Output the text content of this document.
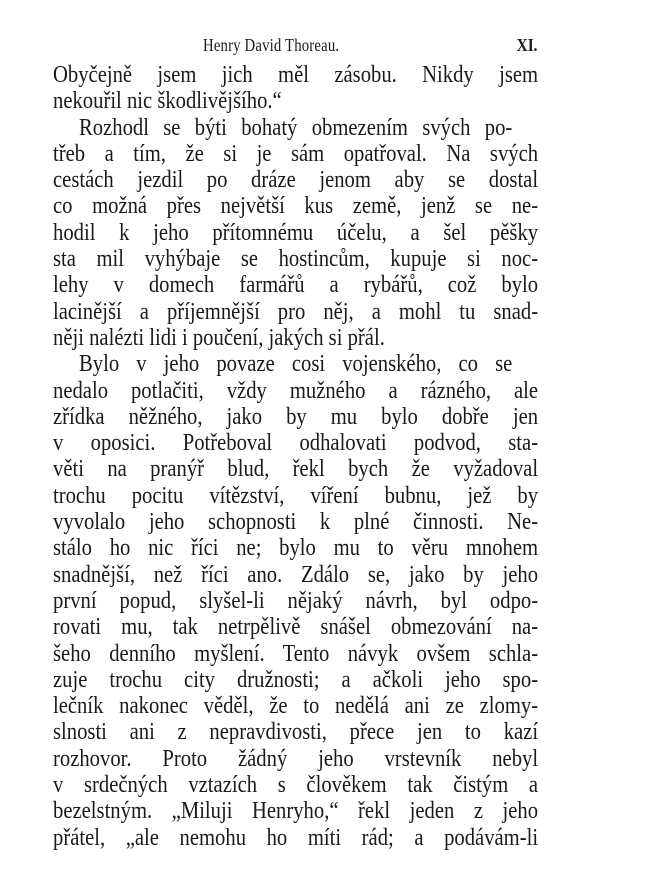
Henry David Thoreau.	XI.
Obyčejně jsem jich měl zásobu. Nikdy jsem
nekouřil nic škodlivějšího.“
Rozhodl se býti bohatý obmezením svých po-
třeb a tím, že si je sám opatřoval. Na svých
cestách jezdil po dráze jenom aby se dostal
co možná přes největší kus země, jenž se ne-
hodil k jeho přítomnému účelu, a šel pěšky
sta mil vyhýbaje se hostincům, kupuje si noc-
lehy v domech farmářů a rybářů, což bylo
lacinější a příjemnější pro něj, a mohl tu snad-
něji nalézti lidi i poučení, jakých si přál.
Bylo v jeho povaze cosi vojenského, co se
nedalo potlačiti, vždy mužného a rázného, ale
zřídka něžného, jako by mu bylo dobře jen
v oposici. Potřeboval odhalovati podvod, sta-
věti na pranýř blud, řekl bych že vyžadoval
trochu pocitu vítězství, víření bubnu, jež by
vyvolalo jeho schopnosti k plné činnosti. Ne-
stálo ho nic říci ne; bylo mu to věru mnohem
snadnější, než říci ano. Zdálo se, jako by jeho
první popud, slyšel-li nějaký návrh, byl odpo-
rovati mu, tak netrpělivě snášel obmezování na-
šeho denního myšlení. Tento návyk ovšem schla-
zuje trochu city družnosti; a ačkoli jeho spo-
lečník nakonec věděl, že to nedělá ani ze zlomy-
slnosti ani z nepravdivosti, přece jen to kazí
rozhovor. Proto žádný jeho vrstevník nebyl
v srdečných vztazích s člověkem tak čistým a
bezelstným. „Miluji Henryho,“ řekl jeden z jeho
přátel, „ale nemohu ho míti rád; a podávám-li
